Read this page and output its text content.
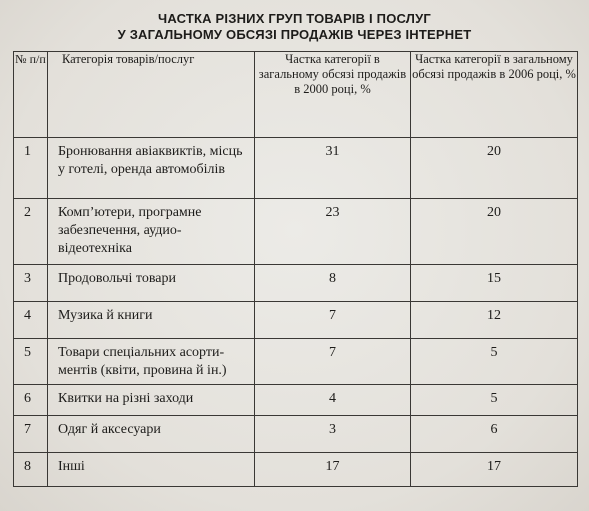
ЧАСТКА РІЗНИХ ГРУП ТОВАРІВ І ПОСЛУГ
У ЗАГАЛЬНОМУ ОБСЯЗІ ПРОДАЖІВ ЧЕРЕЗ ІНТЕРНЕТ
№ п/п	Категорія товарів/послуг	Частка категорії в загальному обсязі продажів в 2000 році, %	Частка категорії в загальному обсязі продажів в 2006 році, %
1	Бронювання авіаквиктів, місць у готелі, оренда автомобілів	31	20
2	Комп’ютери, програмне забезпечення, аудио-відеотехніка	23	20
3	Продовольчі товари	8	15
4	Музика й книги	7	12
5	Товари спеціальних асорти-ментів (квіти, провина й ін.)	7	5
6	Квитки на різні заходи	4	5
7	Одяг й аксесуари	3	6
8	Інші	17	17
